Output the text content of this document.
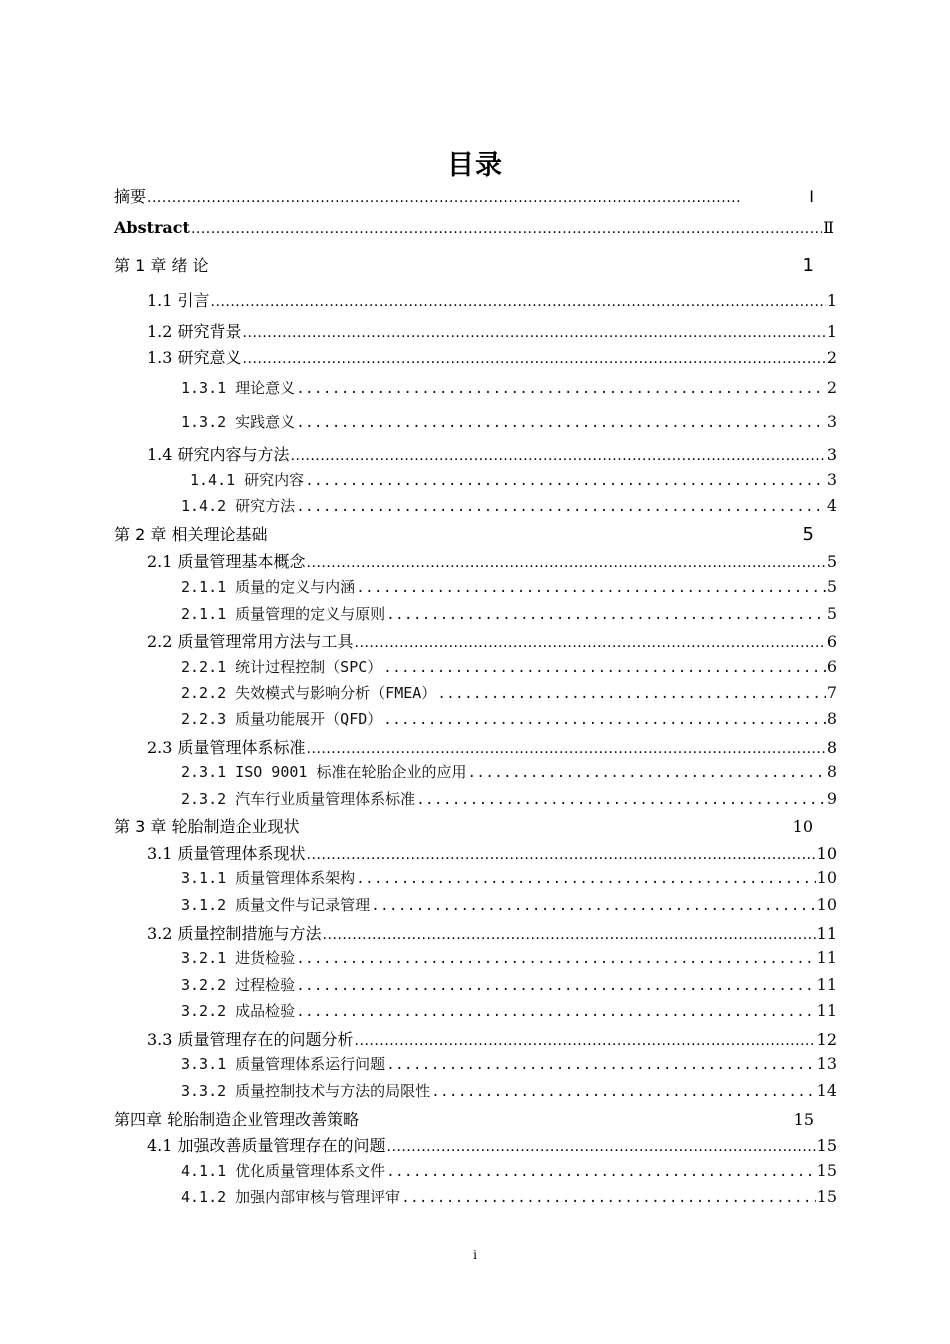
目录
摘要 .....	Ⅰ
Abstract .....	Ⅱ
第 1 章 绪 论	1
1.1 引言 .....	1
1.2 研究背景 .....	1
1.3 研究意义 .....	2
1.3.1 理论意义 .....	2
1.3.2 实践意义 .....	3
1.4 研究内容与方法 .....	3
1.4.1 研究内容 .....	3
1.4.2 研究方法 .....	4
第 2 章 相关理论基础	5
2.1 质量管理基本概念 .....	5
2.1.1 质量的定义与内涵 .....	5
2.1.1 质量管理的定义与原则 .....	5
2.2 质量管理常用方法与工具 .....	6
2.2.1 统计过程控制（SPC） .....	6
2.2.2 失效模式与影响分析（FMEA） .....	7
2.2.3 质量功能展开（QFD） .....	8
2.3 质量管理体系标准 .....	8
2.3.1 ISO 9001 标准在轮胎企业的应用 .....	8
2.3.2 汽车行业质量管理体系标准 .....	9
第 3 章 轮胎制造企业现状	10
3.1 质量管理体系现状 .....	10
3.1.1 质量管理体系架构 .....	10
3.1.2 质量文件与记录管理 .....	10
3.2 质量控制措施与方法 .....	11
3.2.1 进货检验 .....	11
3.2.2 过程检验 .....	11
3.2.2 成品检验 .....	11
3.3 质量管理存在的问题分析 .....	12
3.3.1 质量管理体系运行问题 .....	13
3.3.2 质量控制技术与方法的局限性 .....	14
第四章 轮胎制造企业管理改善策略	15
4.1 加强改善质量管理存在的问题 .....	15
4.1.1 优化质量管理体系文件 .....	15
4.1.2 加强内部审核与管理评审 .....	15
i
